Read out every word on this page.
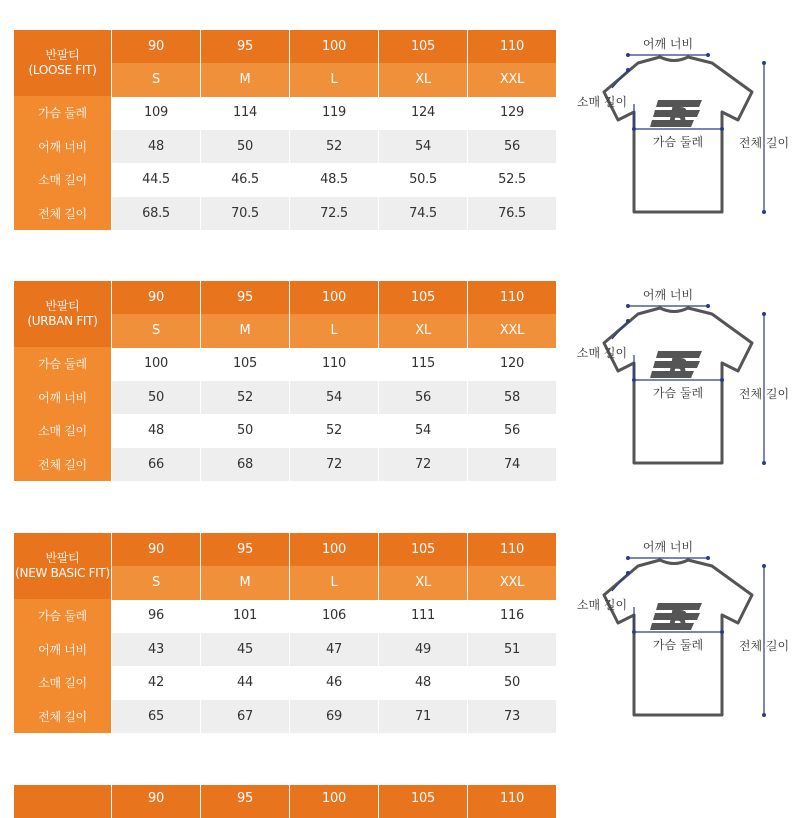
반팔티
(LOOSE FIT)
90	95	100	105	110
S	M	L	XL	XXL
가슴 둘레	109	114	119	124	129
어깨 너비	48	50	52	54	56
소매 길이	44.5	46.5	48.5	50.5	52.5
전체 길이	68.5	70.5	72.5	74.5	76.5
어깨 너비
B
소매 길이
가슴 둘레	전체 길이
반팔티
(URBAN FIT)
90	95	100	105	110
S	M	L	XL	XXL
가슴 둘레	100	105	110	115	120
어깨 너비	50	52	54	56	58
소매 길이	48	50	52	54	56
전체 길이	66	68	72	72	74
어깨 너비
B
소매 길이
가슴 둘레	전체 길이
반팔티
(NEW BASIC FIT)
90	95	100	105	110
S	M	L	XL	XXL
가슴 둘레	96	101	106	111	116
어깨 너비	43	45	47	49	51
소매 길이	42	44	46	48	50
전체 길이	65	67	69	71	73
어깨 너비
B
소매 길이
가슴 둘레	전체 길이
90	95	100	105	110
